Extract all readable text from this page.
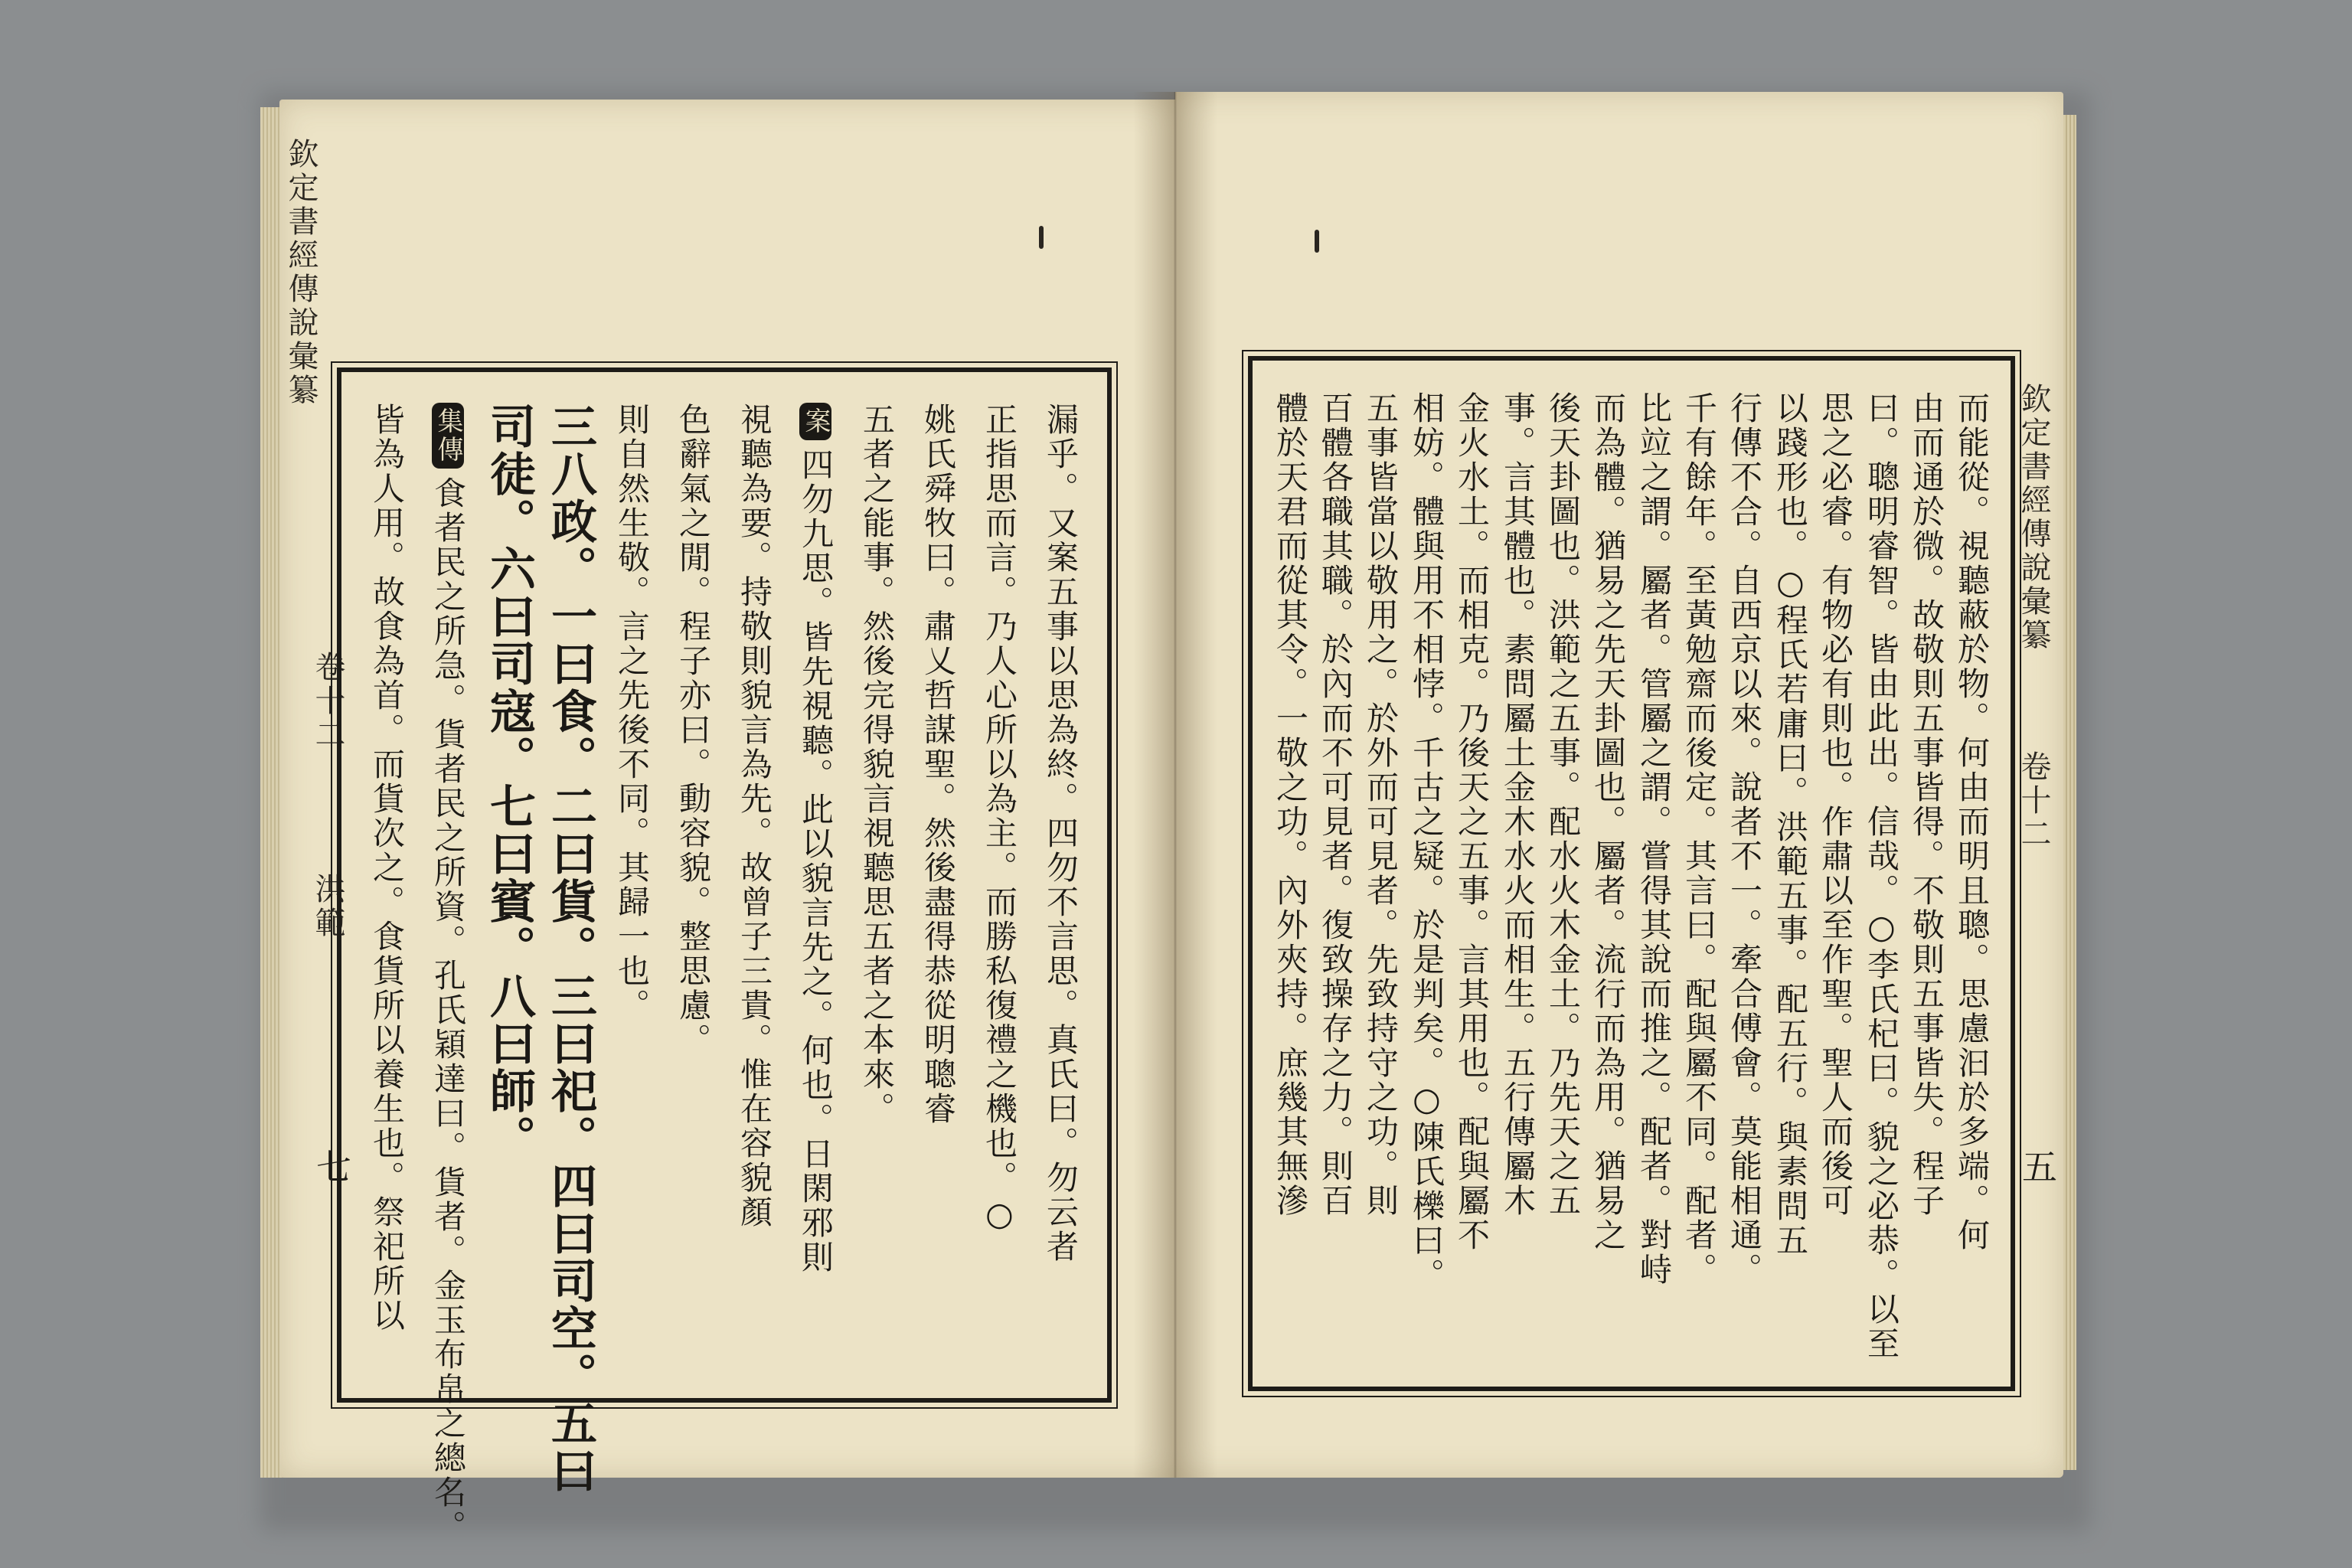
欽定書經傳說彙纂
卷十二
洪範
七	漏乎。又案五事以思為終。四勿不言思。真氏曰。勿云者
正指思而言。乃人心所以為主。而勝私復禮之機也。○
姚氏舜牧曰。肅乂哲謀聖。然後盡得恭從明聰睿
五者之能事。然後完得貌言視聽思五者之本來。
案四勿九思。皆先視聽。此以貌言先之。何也。日閑邪則
視聽為要。持敬則貌言為先。故曾子三貴。惟在容貌顏
色辭氣之閒。程子亦曰。動容貌。整思慮。
則自然生敬。言之先後不同。其歸一也。
三八政。一曰食。二曰貨。三曰祀。四曰司空。五曰
司徒。六曰司寇。七曰賓。八曰師。
集傳食者民之所急。貨者民之所資。孔氏穎達曰。貨者。金玉布帛之總名。
皆為人用。故食為首。而貨次之。食貨所以養生也。祭祀所以	欽定書經傳說彙纂
卷十二
五
而能從。視聽蔽於物。何由而明且聰。思慮汩於多端。何
由而通於微。故敬則五事皆得。不敬則五事皆失。程子
曰。聰明睿智。皆由此出。信哉。○李氏杞曰。貌之必恭。以至
思之必睿。有物必有則也。作肅以至作聖。聖人而後可
以踐形也。○程氏若庸曰。洪範五事。配五行。與素問五
行傳不合。自西京以來。說者不一。牽合傅會。莫能相通。
千有餘年。至黃勉齋而後定。其言曰。配與屬不同。配者。
比竝之謂。屬者。管屬之謂。嘗得其說而推之。配者。對峙
而為體。猶易之先天卦圖也。屬者。流行而為用。猶易之
後天卦圖也。洪範之五事。配水火木金土。乃先天之五
事。言其體也。素問屬土金木水火而相生。五行傳屬木
金火水土。而相克。乃後天之五事。言其用也。配與屬不
相妨。體與用不相悖。千古之疑。於是判矣。○陳氏櫟曰。
五事皆當以敬用之。於外而可見者。先致持守之功。則
百體各職其職。於內而不可見者。復致操存之力。則百
體於天君而從其令。一敬之功。內外夾持。庶幾其無滲
